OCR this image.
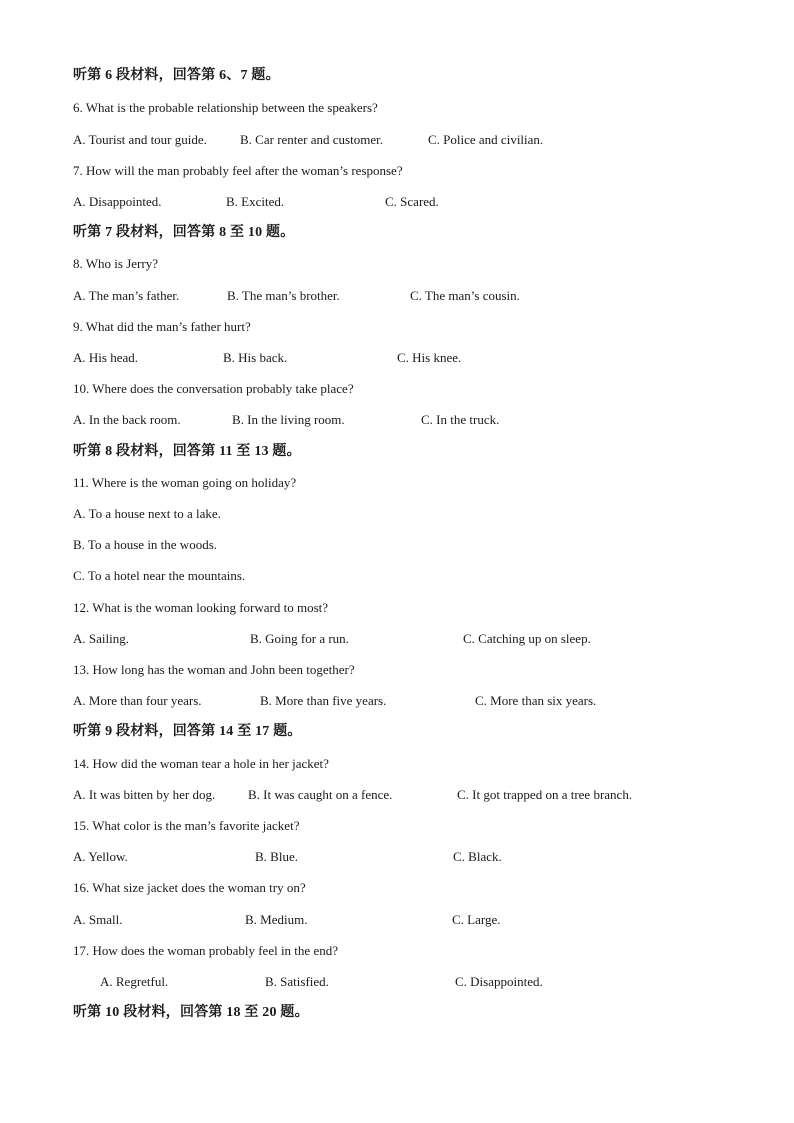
听第 6 段材料，回答第 6、7 题。
6. What is the probable relationship between the speakers?
A. Tourist and tour guide.	B. Car renter and customer.	C. Police and civilian.
7. How will the man probably feel after the woman’s response?
A. Disappointed.	B. Excited.	C. Scared.
听第 7 段材料，回答第 8 至 10 题。
8. Who is Jerry?
A. The man’s father.	B. The man’s brother.	C. The man’s cousin.
9. What did the man’s father hurt?
A. His head.	B. His back.	C. His knee.
10. Where does the conversation probably take place?
A. In the back room.	B. In the living room.	C. In the truck.
听第 8 段材料，回答第 11 至 13 题。
11. Where is the woman going on holiday?
A. To a house next to a lake.
B. To a house in the woods.
C. To a hotel near the mountains.
12. What is the woman looking forward to most?
A. Sailing.	B. Going for a run.	C. Catching up on sleep.
13. How long has the woman and John been together?
A. More than four years.	B. More than five years.	C. More than six years.
听第 9 段材料，回答第 14 至 17 题。
14. How did the woman tear a hole in her jacket?
A. It was bitten by her dog.	B. It was caught on a fence.	C. It got trapped on a tree branch.
15. What color is the man’s favorite jacket?
A. Yellow.	B. Blue.	C. Black.
16. What size jacket does the woman try on?
A. Small.	B. Medium.	C. Large.
17. How does the woman probably feel in the end?
A. Regretful.	B. Satisfied.	C. Disappointed.
听第 10 段材料，回答第 18 至 20 题。
